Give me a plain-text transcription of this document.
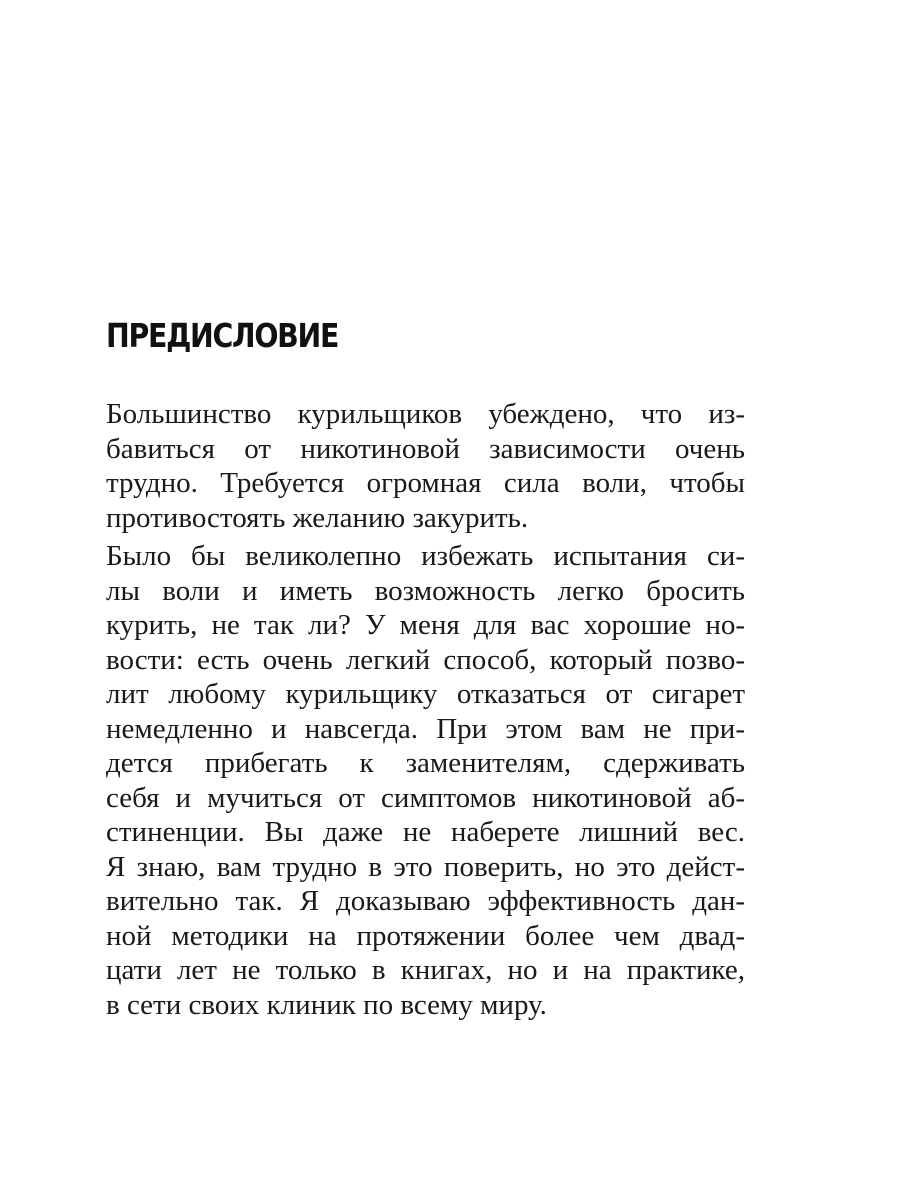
ПРЕДИСЛОВИЕ
Большинство курильщиков убеждено, что из-
бавиться от никотиновой зависимости очень
трудно. Требуется огромная сила воли, чтобы
противостоять желанию закурить.
Было бы великолепно избежать испытания си-
лы воли и иметь возможность легко бросить
курить, не так ли? У меня для вас хорошие но-
вости: есть очень легкий способ, который позво-
лит любому курильщику отказаться от сигарет
немедленно и навсегда. При этом вам не при-
дется прибегать к заменителям, сдерживать
себя и мучиться от симптомов никотиновой аб-
стиненции. Вы даже не наберете лишний вес.
Я знаю, вам трудно в это поверить, но это дейст-
вительно так. Я доказываю эффективность дан-
ной методики на протяжении более чем двад-
цати лет не только в книгах, но и на практике,
в сети своих клиник по всему миру.
